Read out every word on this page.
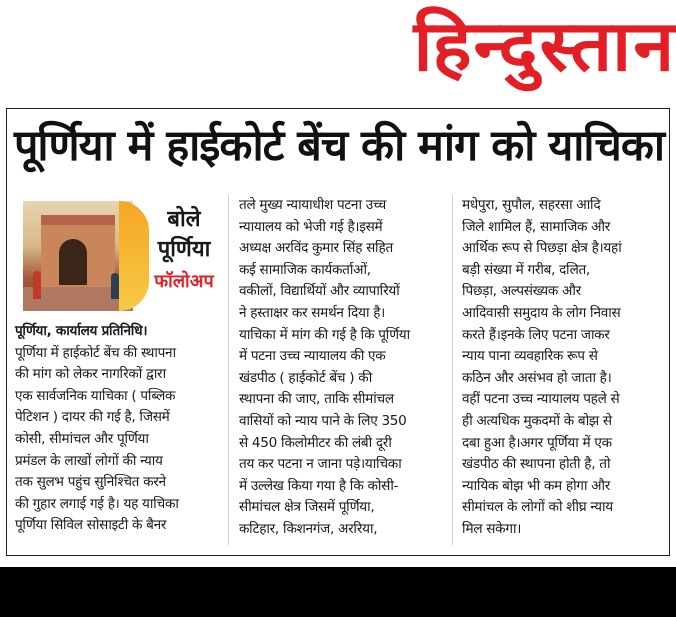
हिन्दुस्तान
पूर्णिया में हाईकोर्ट बेंच की मांग को याचिका
बोले
पूर्णिया
फॉलोअप

पूर्णिया, कार्यालय प्रतिनिधि।

पूर्णिया में हाईकोर्ट बेंच की स्थापना

की मांग को लेकर नागरिकों द्वारा

एक सार्वजनिक याचिका ( पब्लिक

पेटिशन ) दायर की गई है, जिसमें

कोसी, सीमांचल और पूर्णिया

प्रमंडल के लाखों लोगों की न्याय

तक सुलभ पहुंच सुनिश्चित करने

की गुहार लगाई गई है। यह याचिका

पूर्णिया सिविल सोसाइटी के बैनर

तले मुख्य न्यायाधीश पटना उच्च

न्यायालय को भेजी गई है।इसमें

अध्यक्ष अरविंद कुमार सिंह सहित

कई सामाजिक कार्यकर्ताओं,

वकीलों, विद्यार्थियों और व्यापारियों

ने हस्ताक्षर कर समर्थन दिया है।

याचिका में मांग की गई है कि पूर्णिया

में पटना उच्च न्यायालय की एक

खंडपीठ ( हाईकोर्ट बेंच ) की

स्थापना की जाए, ताकि सीमांचल

वासियों को न्याय पाने के लिए 350

से 450 किलोमीटर की लंबी दूरी

तय कर पटना न जाना पड़े।याचिका

में उल्लेख किया गया है कि कोसी-

सीमांचल क्षेत्र जिसमें पूर्णिया,

कटिहार, किशनगंज, अररिया,

मधेपुरा, सुपौल, सहरसा आदि

जिले शामिल हैं, सामाजिक और

आर्थिक रूप से पिछड़ा क्षेत्र है।यहां

बड़ी संख्या में गरीब, दलित,

पिछड़ा, अल्पसंख्यक और

आदिवासी समुदाय के लोग निवास

करते हैं।इनके लिए पटना जाकर

न्याय पाना व्यवहारिक रूप से

कठिन और असंभव हो जाता है।

वहीं पटना उच्च न्यायालय पहले से

ही अत्यधिक मुकदमों के बोझ से

दबा हुआ है।अगर पूर्णिया में एक

खंडपीठ की स्थापना होती है, तो

न्यायिक बोझ भी कम होगा और

सीमांचल के लोगों को शीघ्र न्याय

मिल सकेगा।
